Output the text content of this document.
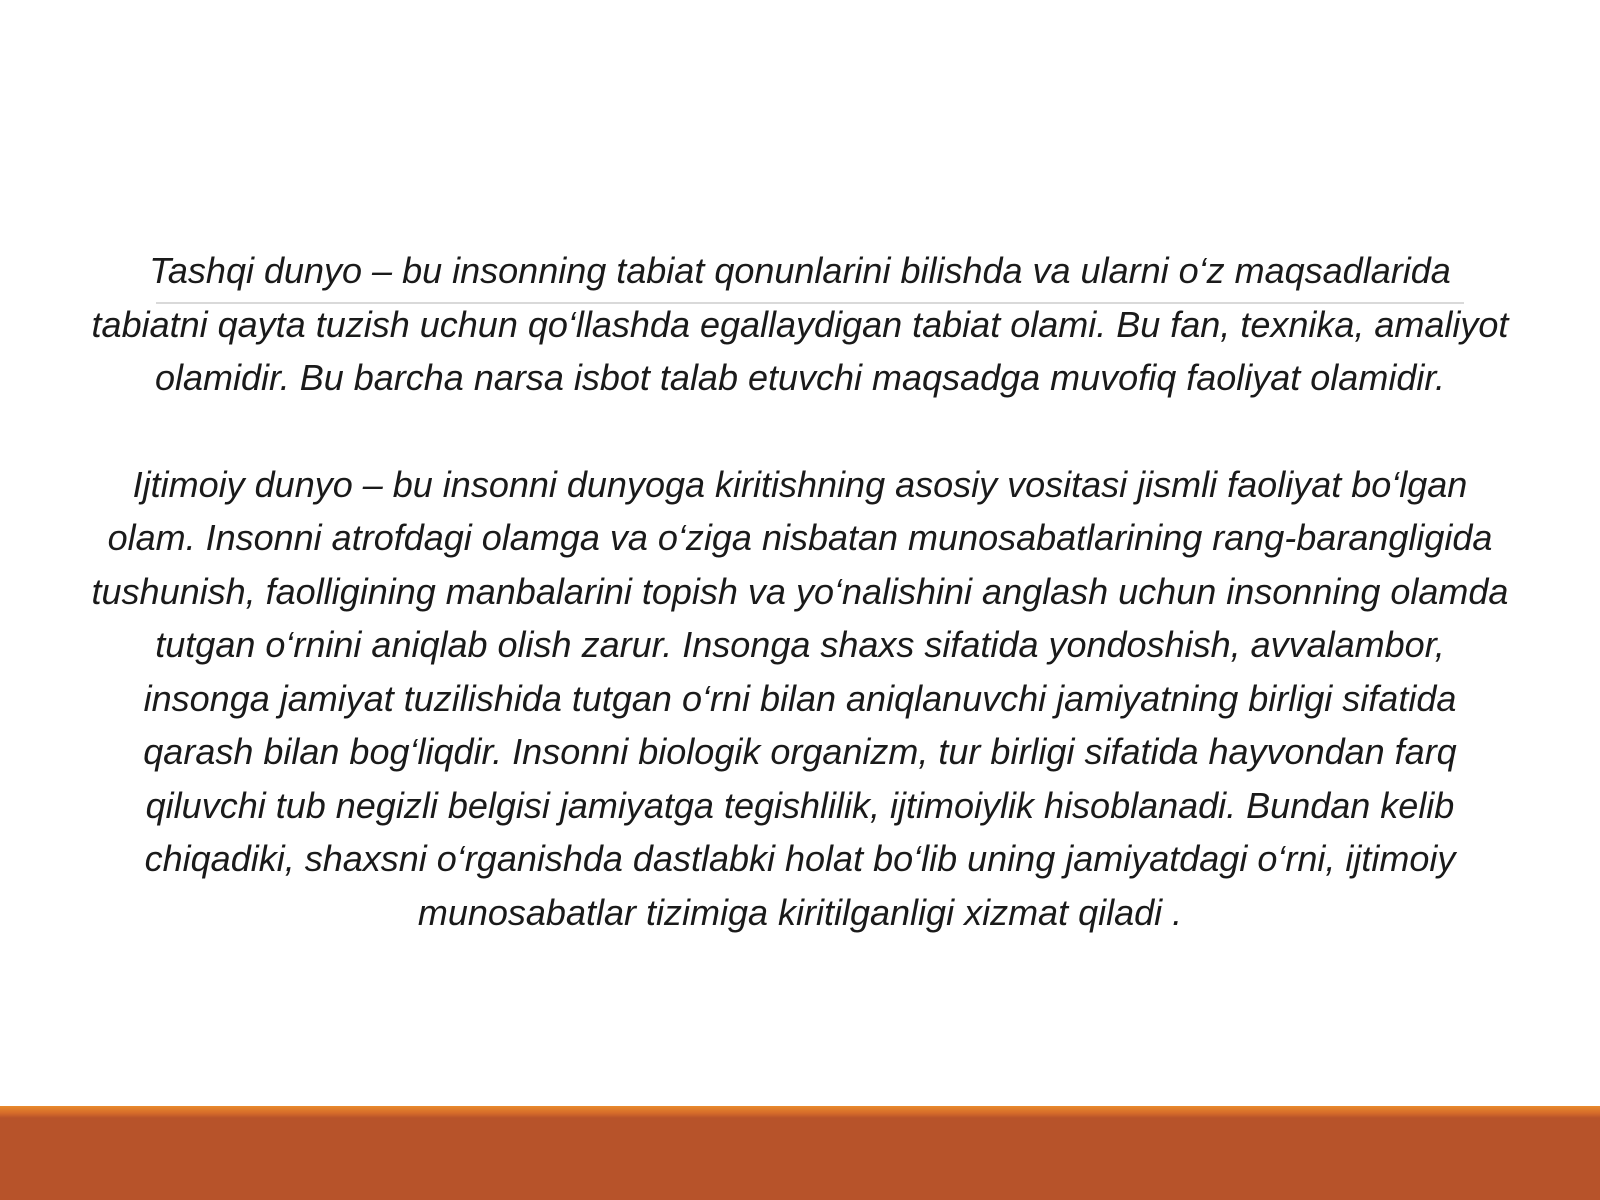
Tashqi dunyo – bu insonning tabiat qonunlarini bilishda va ularni o‘z maqsadlarida tabiatni qayta tuzish uchun qo‘llashda egallaydigan tabiat olami. Bu fan, texnika, amaliyot olamidir. Bu barcha narsa isbot talab etuvchi maqsadga muvofiq faoliyat olamidir.

Ijtimoiy dunyo – bu insonni dunyoga kiritishning asosiy vositasi jismli faoliyat bo‘lgan olam. Insonni atrofdagi olamga va o‘ziga nisbatan munosabatlarining rang-barangligida tushunish, faolligining manbalarini topish va yo‘nalishini anglash uchun insonning olamda tutgan o‘rnini aniqlab olish zarur. Insonga shaxs sifatida yondoshish, avvalambor, insonga jamiyat tuzilishida tutgan o‘rni bilan aniqlanuvchi jamiyatning birligi sifatida qarash bilan bog‘liqdir. Insonni biologik organizm, tur birligi sifatida hayvondan farq qiluvchi tub negizli belgisi jamiyatga tegishlilik, ijtimoiylik hisoblanadi. Bundan kelib chiqadiki, shaxsni o‘rganishda dastlabki holat bo‘lib uning jamiyatdagi o‘rni, ijtimoiy munosabatlar tizimiga kiritilganligi xizmat qiladi .
